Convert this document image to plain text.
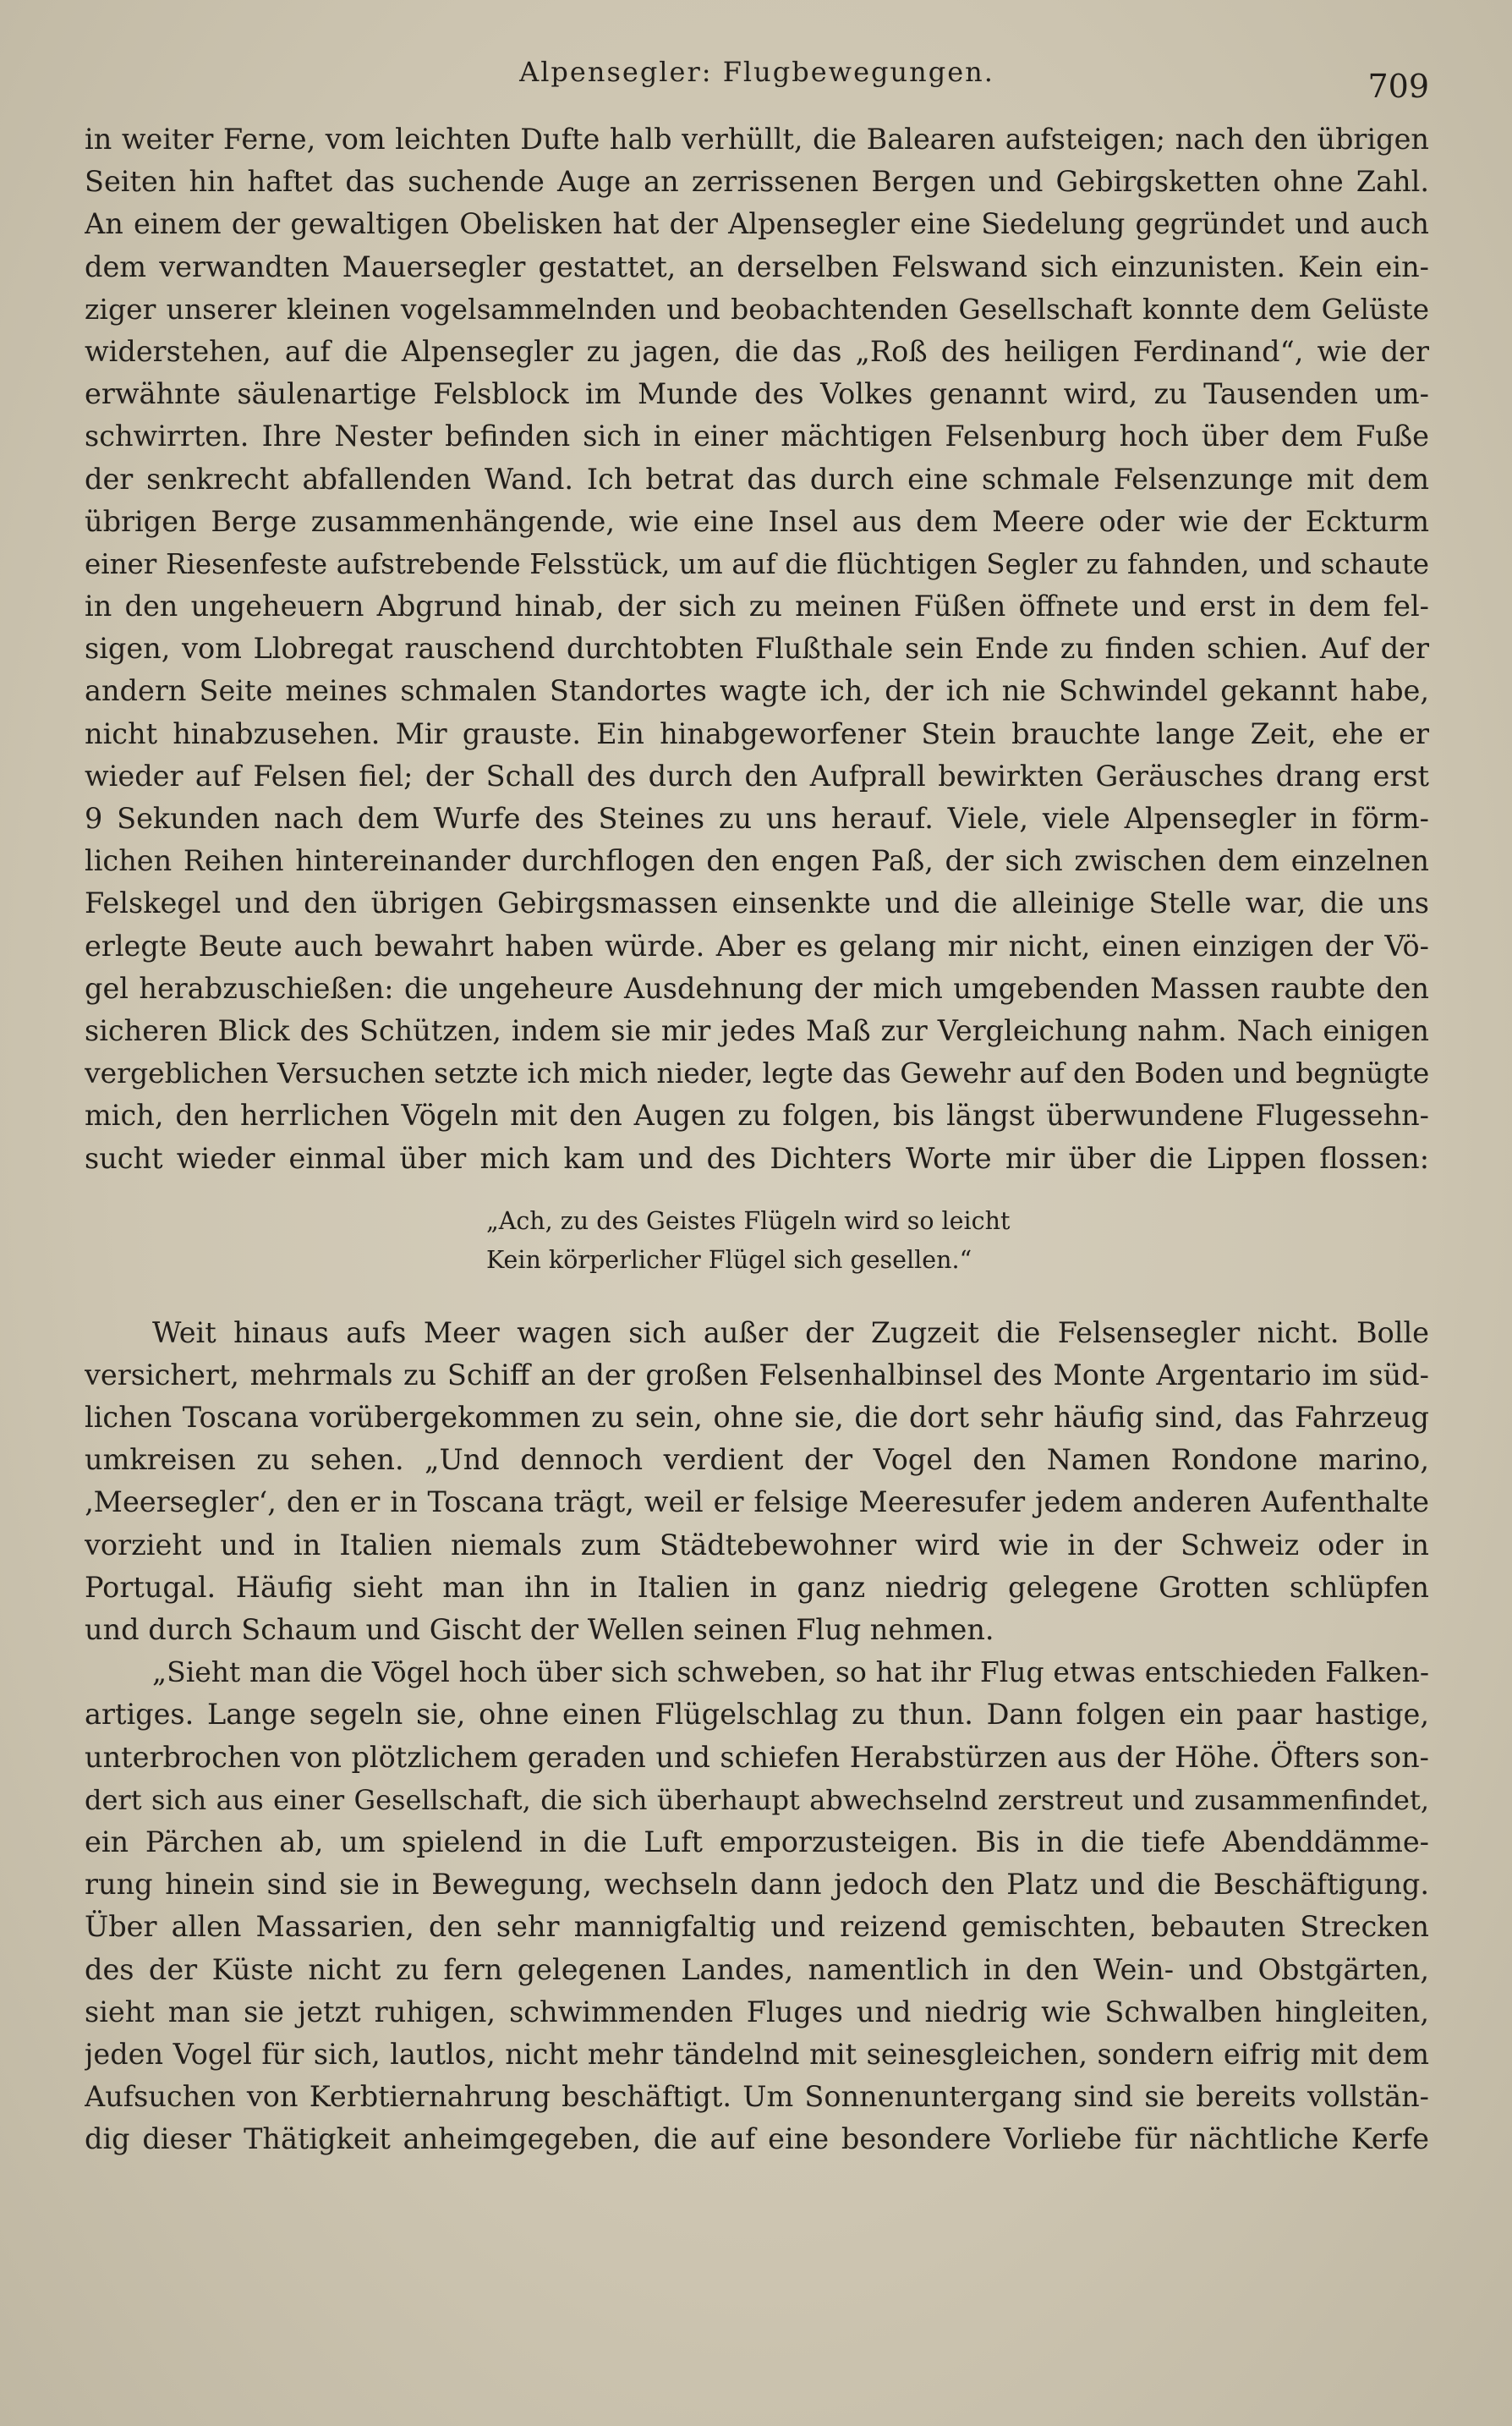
Alpensegler: Flugbewegungen.	709
in weiter Ferne, vom leichten Dufte halb verhüllt, die Balearen aufsteigen; nach den übrigen
Seiten hin haftet das suchende Auge an zerrissenen Bergen und Gebirgsketten ohne Zahl.
An einem der gewaltigen Obelisken hat der Alpensegler eine Siedelung gegründet und auch
dem verwandten Mauersegler gestattet, an derselben Felswand sich einzunisten. Kein ein-
ziger unserer kleinen vogelsammelnden und beobachtenden Gesellschaft konnte dem Gelüste
widerstehen, auf die Alpensegler zu jagen, die das „Roß des heiligen Ferdinand“, wie der
erwähnte säulenartige Felsblock im Munde des Volkes genannt wird, zu Tausenden um-
schwirrten. Ihre Nester befinden sich in einer mächtigen Felsenburg hoch über dem Fuße
der senkrecht abfallenden Wand. Ich betrat das durch eine schmale Felsenzunge mit dem
übrigen Berge zusammenhängende, wie eine Insel aus dem Meere oder wie der Eckturm
einer Riesenfeste aufstrebende Felsstück, um auf die flüchtigen Segler zu fahnden, und schaute
in den ungeheuern Abgrund hinab, der sich zu meinen Füßen öffnete und erst in dem fel-
sigen, vom Llobregat rauschend durchtobten Flußthale sein Ende zu finden schien. Auf der
andern Seite meines schmalen Standortes wagte ich, der ich nie Schwindel gekannt habe,
nicht hinabzusehen. Mir grauste. Ein hinabgeworfener Stein brauchte lange Zeit, ehe er
wieder auf Felsen fiel; der Schall des durch den Aufprall bewirkten Geräusches drang erst
9 Sekunden nach dem Wurfe des Steines zu uns herauf. Viele, viele Alpensegler in förm-
lichen Reihen hintereinander durchflogen den engen Paß, der sich zwischen dem einzelnen
Felskegel und den übrigen Gebirgsmassen einsenkte und die alleinige Stelle war, die uns
erlegte Beute auch bewahrt haben würde. Aber es gelang mir nicht, einen einzigen der Vö-
gel herabzuschießen: die ungeheure Ausdehnung der mich umgebenden Massen raubte den
sicheren Blick des Schützen, indem sie mir jedes Maß zur Vergleichung nahm. Nach einigen
vergeblichen Versuchen setzte ich mich nieder, legte das Gewehr auf den Boden und begnügte
mich, den herrlichen Vögeln mit den Augen zu folgen, bis längst überwundene Flugessehn-
sucht wieder einmal über mich kam und des Dichters Worte mir über die Lippen flossen:
„Ach, zu des Geistes Flügeln wird so leicht
Kein körperlicher Flügel sich gesellen.“
Weit hinaus aufs Meer wagen sich außer der Zugzeit die Felsensegler nicht. Bolle
versichert, mehrmals zu Schiff an der großen Felsenhalbinsel des Monte Argentario im süd-
lichen Toscana vorübergekommen zu sein, ohne sie, die dort sehr häufig sind, das Fahrzeug
umkreisen zu sehen. „Und dennoch verdient der Vogel den Namen Rondone marino,
‚Meersegler‘, den er in Toscana trägt, weil er felsige Meeresufer jedem anderen Aufenthalte
vorzieht und in Italien niemals zum Städtebewohner wird wie in der Schweiz oder in
Portugal. Häufig sieht man ihn in Italien in ganz niedrig gelegene Grotten schlüpfen
und durch Schaum und Gischt der Wellen seinen Flug nehmen.
„Sieht man die Vögel hoch über sich schweben, so hat ihr Flug etwas entschieden Falken-
artiges. Lange segeln sie, ohne einen Flügelschlag zu thun. Dann folgen ein paar hastige,
unterbrochen von plötzlichem geraden und schiefen Herabstürzen aus der Höhe. Öfters son-
dert sich aus einer Gesellschaft, die sich überhaupt abwechselnd zerstreut und zusammenfindet,
ein Pärchen ab, um spielend in die Luft emporzusteigen. Bis in die tiefe Abenddämme-
rung hinein sind sie in Bewegung, wechseln dann jedoch den Platz und die Beschäftigung.
Über allen Massarien, den sehr mannigfaltig und reizend gemischten, bebauten Strecken
des der Küste nicht zu fern gelegenen Landes, namentlich in den Wein- und Obstgärten,
sieht man sie jetzt ruhigen, schwimmenden Fluges und niedrig wie Schwalben hingleiten,
jeden Vogel für sich, lautlos, nicht mehr tändelnd mit seinesgleichen, sondern eifrig mit dem
Aufsuchen von Kerbtiernahrung beschäftigt. Um Sonnenuntergang sind sie bereits vollstän-
dig dieser Thätigkeit anheimgegeben, die auf eine besondere Vorliebe für nächtliche Kerfe
